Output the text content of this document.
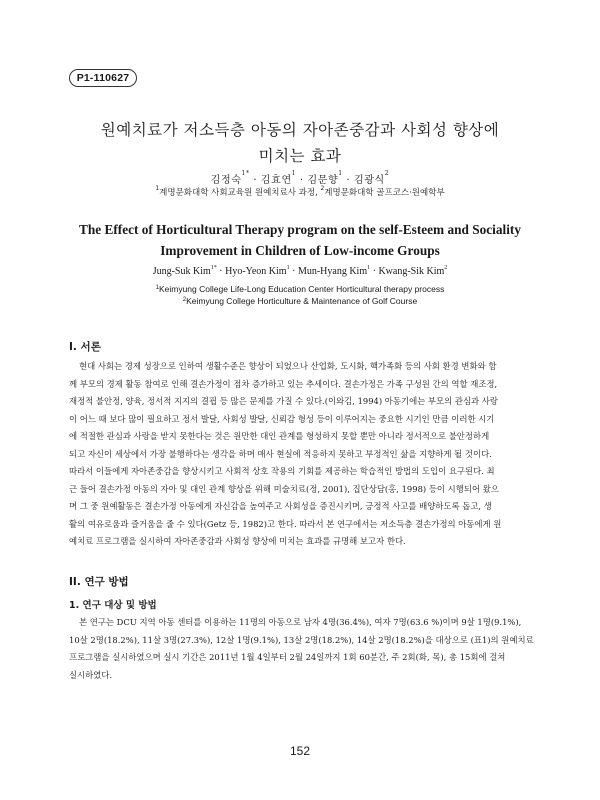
P1-110627
원예치료가 저소득층 아동의 자아존중감과 사회성 향상에
미치는 효과
김정숙$^{1*}$ · 김효연$^1$ · 김문향$^1$ · 김광식$^2$
$^1$계명문화대학 사회교육원 원예치료사 과정, $^2$계명문화대학 골프코스·원예학부
The Effect of Horticultural Therapy program on the self-Esteem and Sociality
Improvement in Children of Low-income Groups
Jung-Suk Kim$^{1*}$ · Hyo-Yeon Kim$^1$ · Mun-Hyang Kim$^1$ · Kwang-Sik Kim$^2$
$^1$Keimyung College Life-Long Education Center Horticultural therapy process
$^2$Keimyung College Horticulture & Maintenance of Golf Course
I. 서론
현대 사회는 경제 성장으로 인하여 생활수준은 향상이 되었으나 산업화, 도시화, 핵가족화 등의 사회 환경 변화와 함
께 부모의 경제 활동 참여로 인해 결손가정이 점차 증가하고 있는 추세이다. 결손가정은 가족 구성원 간의 역할 재조정,
재정적 불안정, 양육, 정서적 지지의 결핍 등 많은 문제를 가질 수 있다.(이와김, 1994) 아동기에는 부모의 관심과 사랑
이 어느 때 보다 많이 필요하고 정서 발달, 사회성 발달, 신뢰감 형성 등이 이루어지는 중요한 시기인 만큼 이러한 시기
에 적절한 관심과 사랑을 받지 못한다는 것은 원만한 대인 관계를 형성하지 못할 뿐만 아니라 정서적으로 불안정하게
되고 자신이 세상에서 가장 불행하다는 생각을 하며 매사 현실에 적응하지 못하고 부정적인 삶을 지향하게 될 것이다.
따라서 이들에게 자아존중감을 향상시키고 사회적 상호 작용의 기회를 제공하는 학습적인 방법의 도입이 요구된다. 최
근 들어 결손가정 아동의 자아 및 대인 관계 향상을 위해 미술치료(정, 2001), 집단상담(홍, 1998) 등이 시행되어 왔으
며 그 중 원예활동은 결손가정 아동에게 자신감을 높여주고 사회성을 증진시키며, 긍정적 사고를 배양하도록 돕고, 생
활의 여유로움과 즐거움을 줄 수 있다(Getz 등, 1982)고 한다. 따라서 본 연구에서는 저소득층 결손가정의 아동에게 원
예치료 프로그램을 실시하여 자아존중감과 사회성 향상에 미치는 효과를 규명해 보고자 한다.
II. 연구 방법
1. 연구 대상 및 방법
본 연구는 DCU 지역 아동 센터를 이용하는 11명의 아동으로 남자 4명(36.4%), 여자 7명(63.6 %)이며 9살 1명(9.1%),
10살 2명(18.2%), 11살 3명(27.3%), 12살 1명(9.1%), 13살 2명(18.2%), 14살 2명(18.2%)을 대상으로 (표1)의 원예치료
프로그램을 실시하였으며 실시 기간은 2011년 1월 4일부터 2월 24일까지 1회 60분간, 주 2회(화, 목), 총 15회에 걸쳐
실시하였다.
152
